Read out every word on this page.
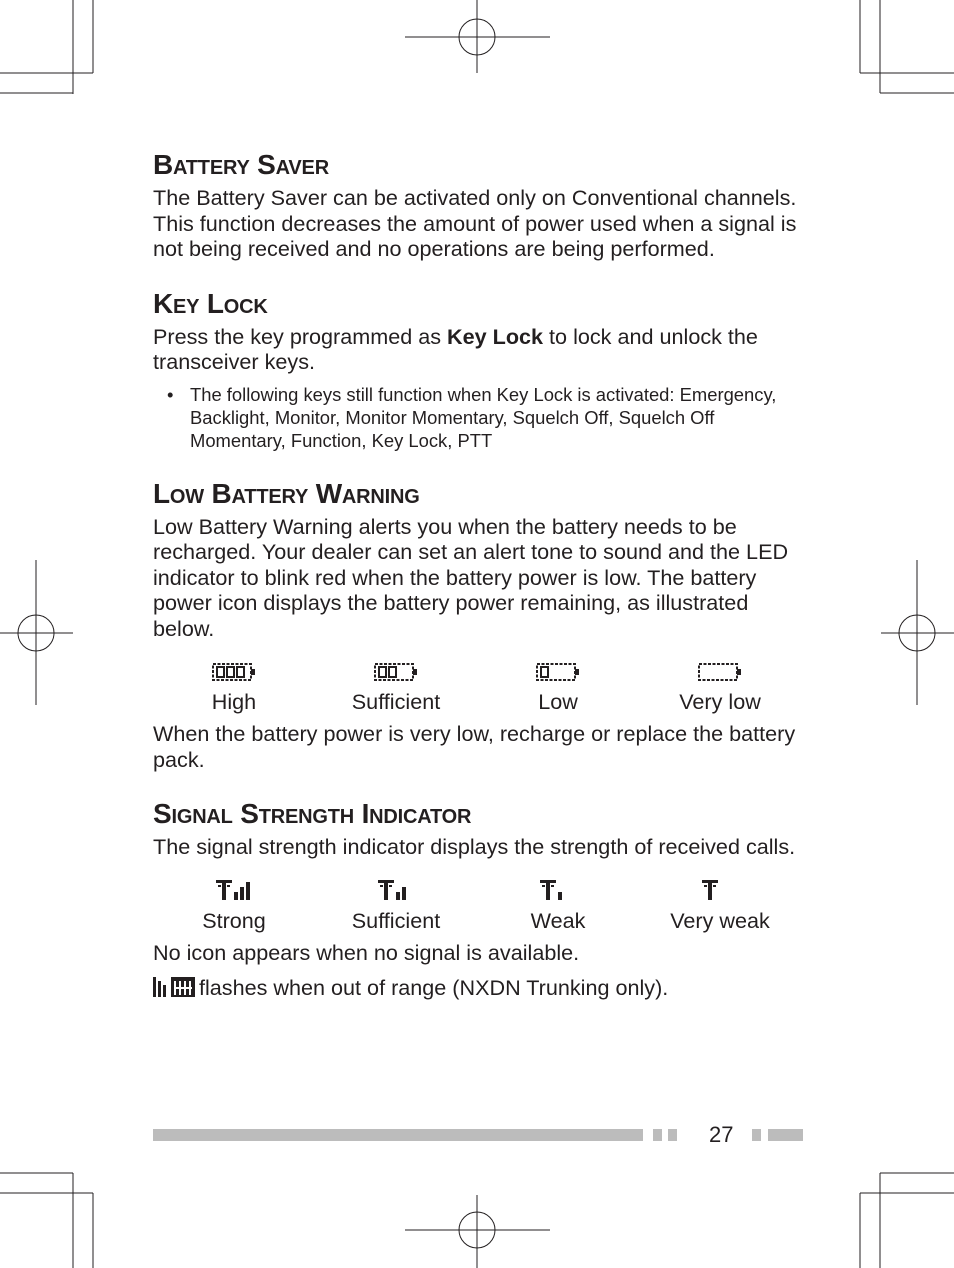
Battery Saver

The Battery Saver can be activated only on Conventional channels. This function decreases the amount of power used when a signal is not being received and no operations are being performed.

Key Lock

Press the key programmed as Key Lock to lock and unlock the transceiver keys.

• The following keys still function when Key Lock is activated: Emergency, Backlight, Monitor, Monitor Momentary, Squelch Off, Squelch Off Momentary, Function, Key Lock, PTT
Low Battery Warning

Low Battery Warning alerts you when the battery needs to be recharged. Your dealer can set an alert tone to sound and the LED indicator to blink red when the battery power is low. The battery power icon displays the battery power remaining, as illustrated below.

High	Sufficient	Low	Very low

When the battery power is very low, recharge or replace the battery pack.

Signal Strength Indicator

The signal strength indicator displays the strength of received calls.

Strong	Sufficient	Weak	Very weak

No icon appears when no signal is available.

flashes when out of range (NXDN Trunking only).

27
